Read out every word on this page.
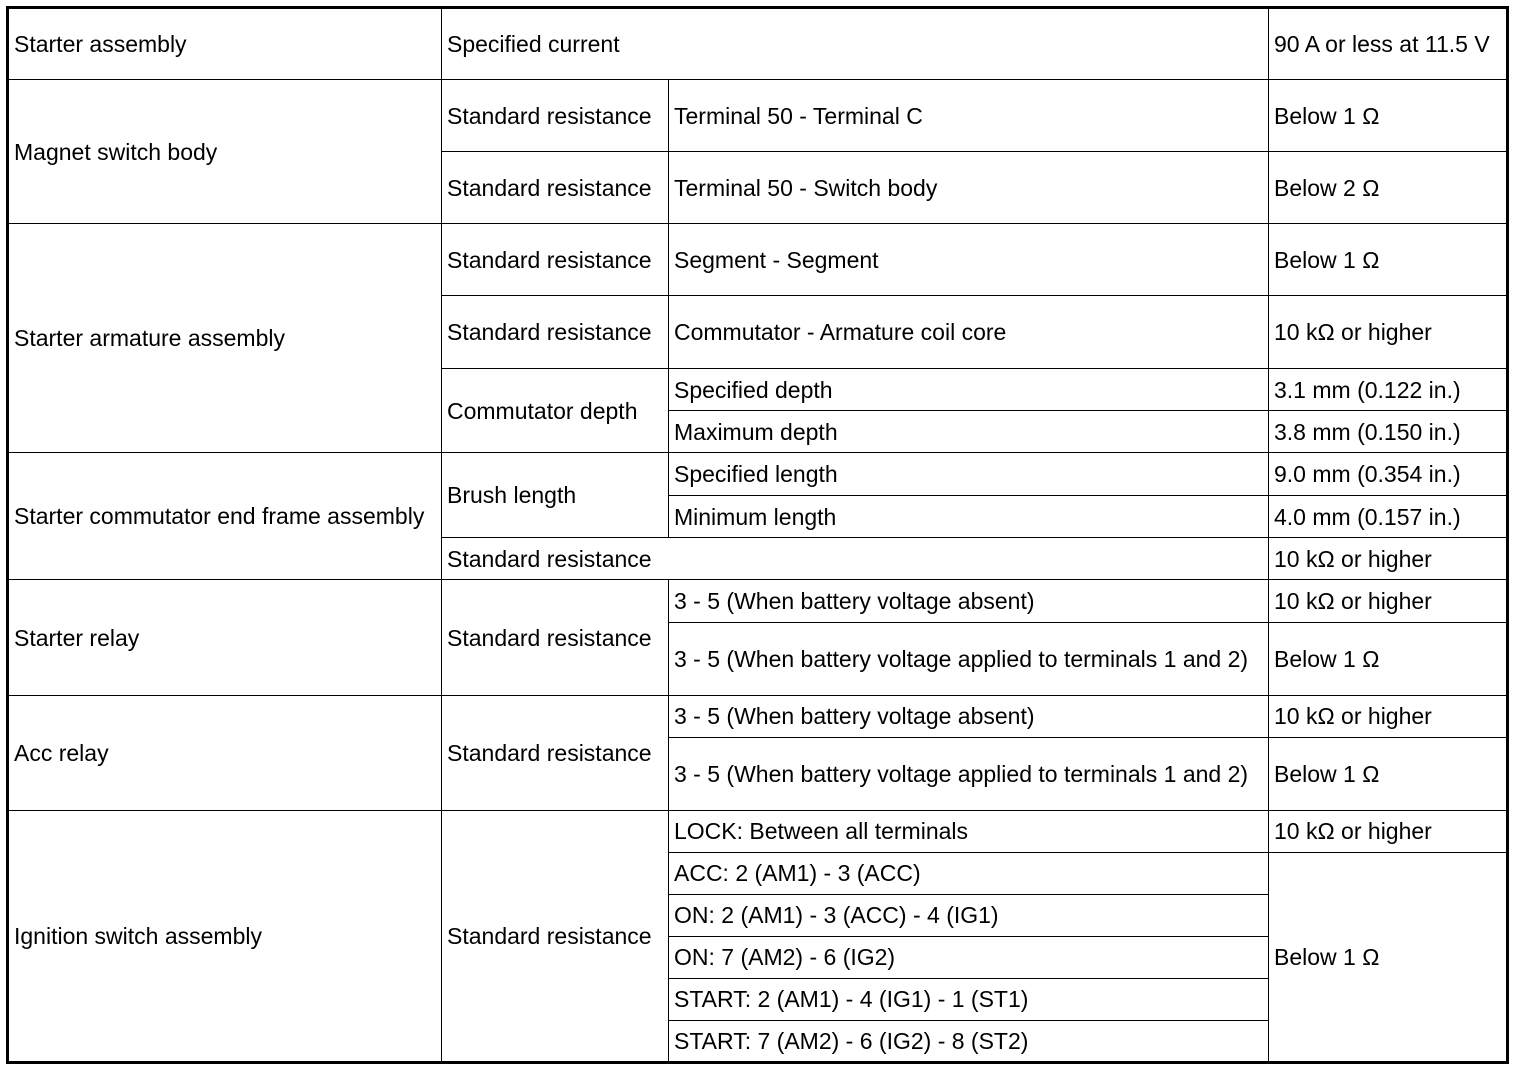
Starter assembly	Specified current		90 A or less at 11.5 V
Magnet switch body	Standard resistance	Terminal 50 - Terminal C	Below 1 Ω
	Standard resistance	Terminal 50 - Switch body	Below 2 Ω
Starter armature assembly	Standard resistance	Segment - Segment	Below 1 Ω
	Standard resistance	Commutator - Armature coil core	10 kΩ or higher
	Commutator depth	Specified depth	3.1 mm (0.122 in.)
		Maximum depth	3.8 mm (0.150 in.)
Starter commutator end frame assembly	Brush length	Specified length	9.0 mm (0.354 in.)
		Minimum length	4.0 mm (0.157 in.)
	Standard resistance		10 kΩ or higher
Starter relay	Standard resistance	3 - 5 (When battery voltage absent)	10 kΩ or higher
		3 - 5 (When battery voltage applied to terminals 1 and 2)	Below 1 Ω
Acc relay	Standard resistance	3 - 5 (When battery voltage absent)	10 kΩ or higher
		3 - 5 (When battery voltage applied to terminals 1 and 2)	Below 1 Ω
Ignition switch assembly	Standard resistance	LOCK: Between all terminals	10 kΩ or higher
		ACC: 2 (AM1) - 3 (ACC)	Below 1 Ω
		ON: 2 (AM1) - 3 (ACC) - 4 (IG1)	
		ON: 7 (AM2) - 6 (IG2)	
		START: 2 (AM1) - 4 (IG1) - 1 (ST1)	
		START: 7 (AM2) - 6 (IG2) - 8 (ST2)	
